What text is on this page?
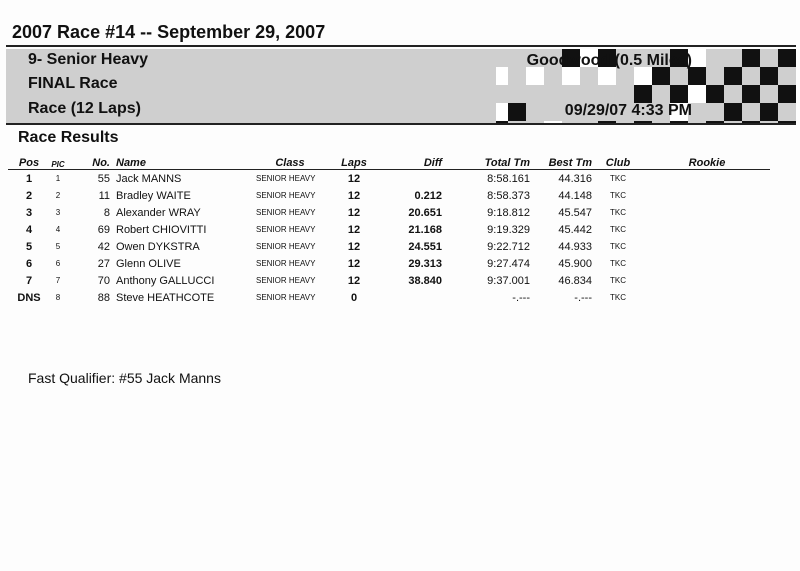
2007 Race #14 -- September 29, 2007
9- Senior Heavy
FINAL Race
Race (12 Laps)
Goodwood (0.5 Miles)
09/29/07 4:33 PM
Race Results
Pos	PIC	No.	Name	Class	Laps	Diff	Total Tm	Best Tm	Club	Rookie
1	1	55	Jack MANNS	SENIOR HEAVY	12		8:58.161	44.316	TKC	
2	2	11	Bradley WAITE	SENIOR HEAVY	12	0.212	8:58.373	44.148	TKC	
3	3	8	Alexander WRAY	SENIOR HEAVY	12	20.651	9:18.812	45.547	TKC	
4	4	69	Robert CHIOVITTI	SENIOR HEAVY	12	21.168	9:19.329	45.442	TKC	
5	5	42	Owen DYKSTRA	SENIOR HEAVY	12	24.551	9:22.712	44.933	TKC	
6	6	27	Glenn OLIVE	SENIOR HEAVY	12	29.313	9:27.474	45.900	TKC	
7	7	70	Anthony GALLUCCI	SENIOR HEAVY	12	38.840	9:37.001	46.834	TKC	
DNS	8	88	Steve HEATHCOTE	SENIOR HEAVY	0		-.---	-.---	TKC	
Fast Qualifier: #55 Jack Manns
